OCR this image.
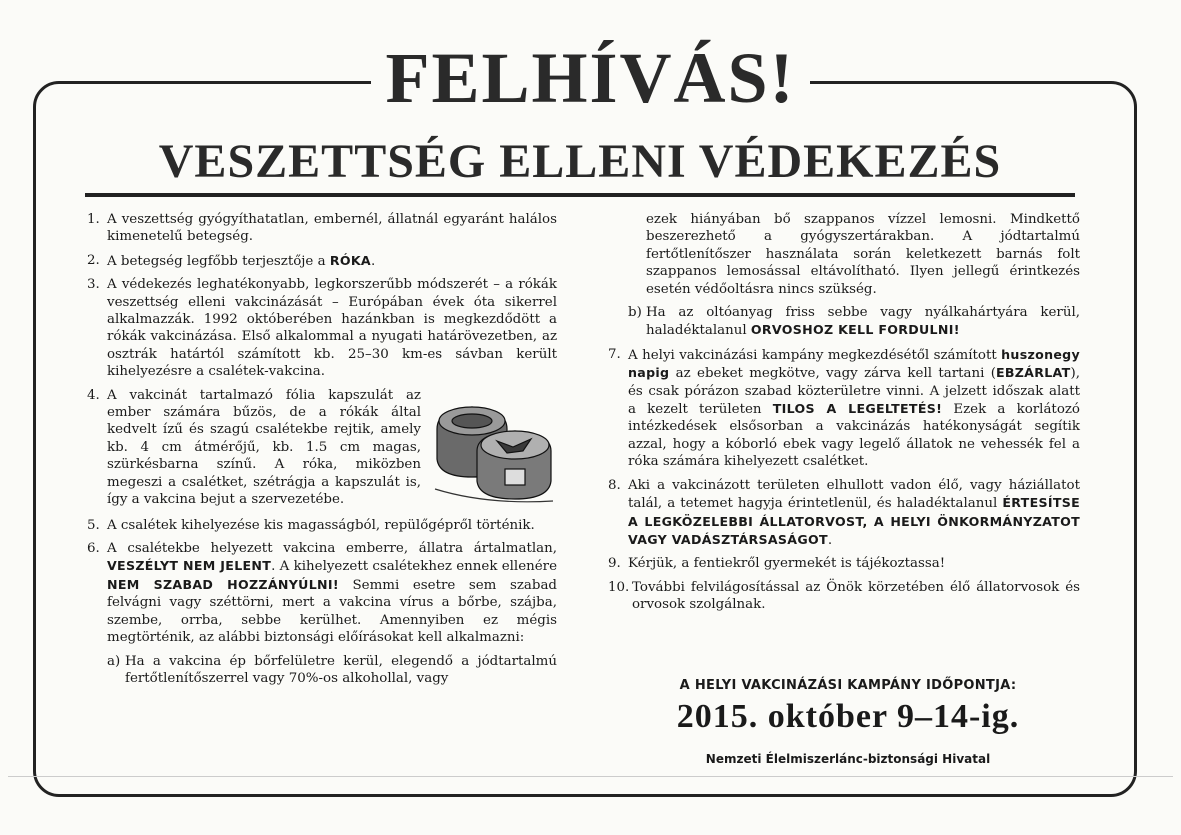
FELHÍVÁS!
VESZETTSÉG ELLENI VÉDEKEZÉS
1. A veszettség gyógyíthatatlan, embernél, állatnál egyaránt halálos kimenetelű betegség.
2. A betegség legfőbb terjesztője a RÓKA.
3. A védekezés leghatékonyabb, legkorszerűbb módszerét – a rókák veszettség elleni vakcinázását – Európában évek óta sikerrel alkalmazzák. 1992 októberében hazánkban is megkezdődött a rókák vakcinázása. Első alkalommal a nyugati határövezetben, az osztrák határtól számított kb. 25–30 km-es sávban került kihelyezésre a csalétek-vakcina.
4. A vakcinát tartalmazó fólia kapszulát az ember számára bűzös, de a rókák által kedvelt ízű és szagú csalétekbe rejtik, amely kb. 4 cm átmérőjű, kb. 1.5 cm magas, szürkésbarna színű. A róka, miközben megeszi a csalétket, szétrágja a kapszulát is, így a vakcina bejut a szervezetébe.
5. A csalétek kihelyezése kis magasságból, repülőgépről történik.
6. A csalétekbe helyezett vakcina emberre, állatra ártalmatlan, VESZÉLYT NEM JELENT. A kihelyezett csalétekhez ennek ellenére NEM SZABAD HOZZÁNYÚLNI! Semmi esetre sem szabad felvágni vagy széttörni, mert a vakcina vírus a bőrbe, szájba, szembe, orrba, sebbe kerülhet. Amennyiben ez mégis megtörténik, az alábbi biztonsági előírásokat kell alkalmazni:
a) Ha a vakcina ép bőrfelületre kerül, elegendő a jódtartalmú fertőtlenítőszerrel vagy 70%-os alkohollal, vagy
ezek hiányában bő szappanos vízzel lemosni. Mindkettő beszerezhető a gyógyszertárakban. A jódtartalmú fertőtlenítőszer használata során keletkezett barnás folt szappanos lemosással eltávolítható. Ilyen jellegű érintkezés esetén védőoltásra nincs szükség.
b) Ha az oltóanyag friss sebbe vagy nyálkahártyára kerül, haladéktalanul ORVOSHOZ KELL FORDULNI!
7. A helyi vakcinázási kampány megkezdésétől számított huszonegy napig az ebeket megkötve, vagy zárva kell tartani (EBZÁRLAT), és csak pórázon szabad közterületre vinni. A jelzett időszak alatt a kezelt területen TILOS A LEGELTETÉS! Ezek a korlátozó intézkedések elsősorban a vakcinázás hatékonyságát segítik azzal, hogy a kóborló ebek vagy legelő állatok ne vehessék fel a róka számára kihelyezett csalétket.
8. Aki a vakcinázott területen elhullott vadon élő, vagy háziállatot talál, a tetemet hagyja érintetlenül, és haladéktalanul ÉRTESÍTSE A LEGKÖZELEBBI ÁLLATORVOST, A HELYI ÖNKORMÁNYZATOT VAGY VADÁSZTÁRSASÁGOT.
9. Kérjük, a fentiekről gyermekét is tájékoztassa!
10. További felvilágosítással az Önök körzetében élő állatorvosok és orvosok szolgálnak.
A HELYI VAKCINÁZÁSI KAMPÁNY IDŐPONTJA:
2015. október 9–14-ig.
Nemzeti Élelmiszerlánc-biztonsági Hivatal
